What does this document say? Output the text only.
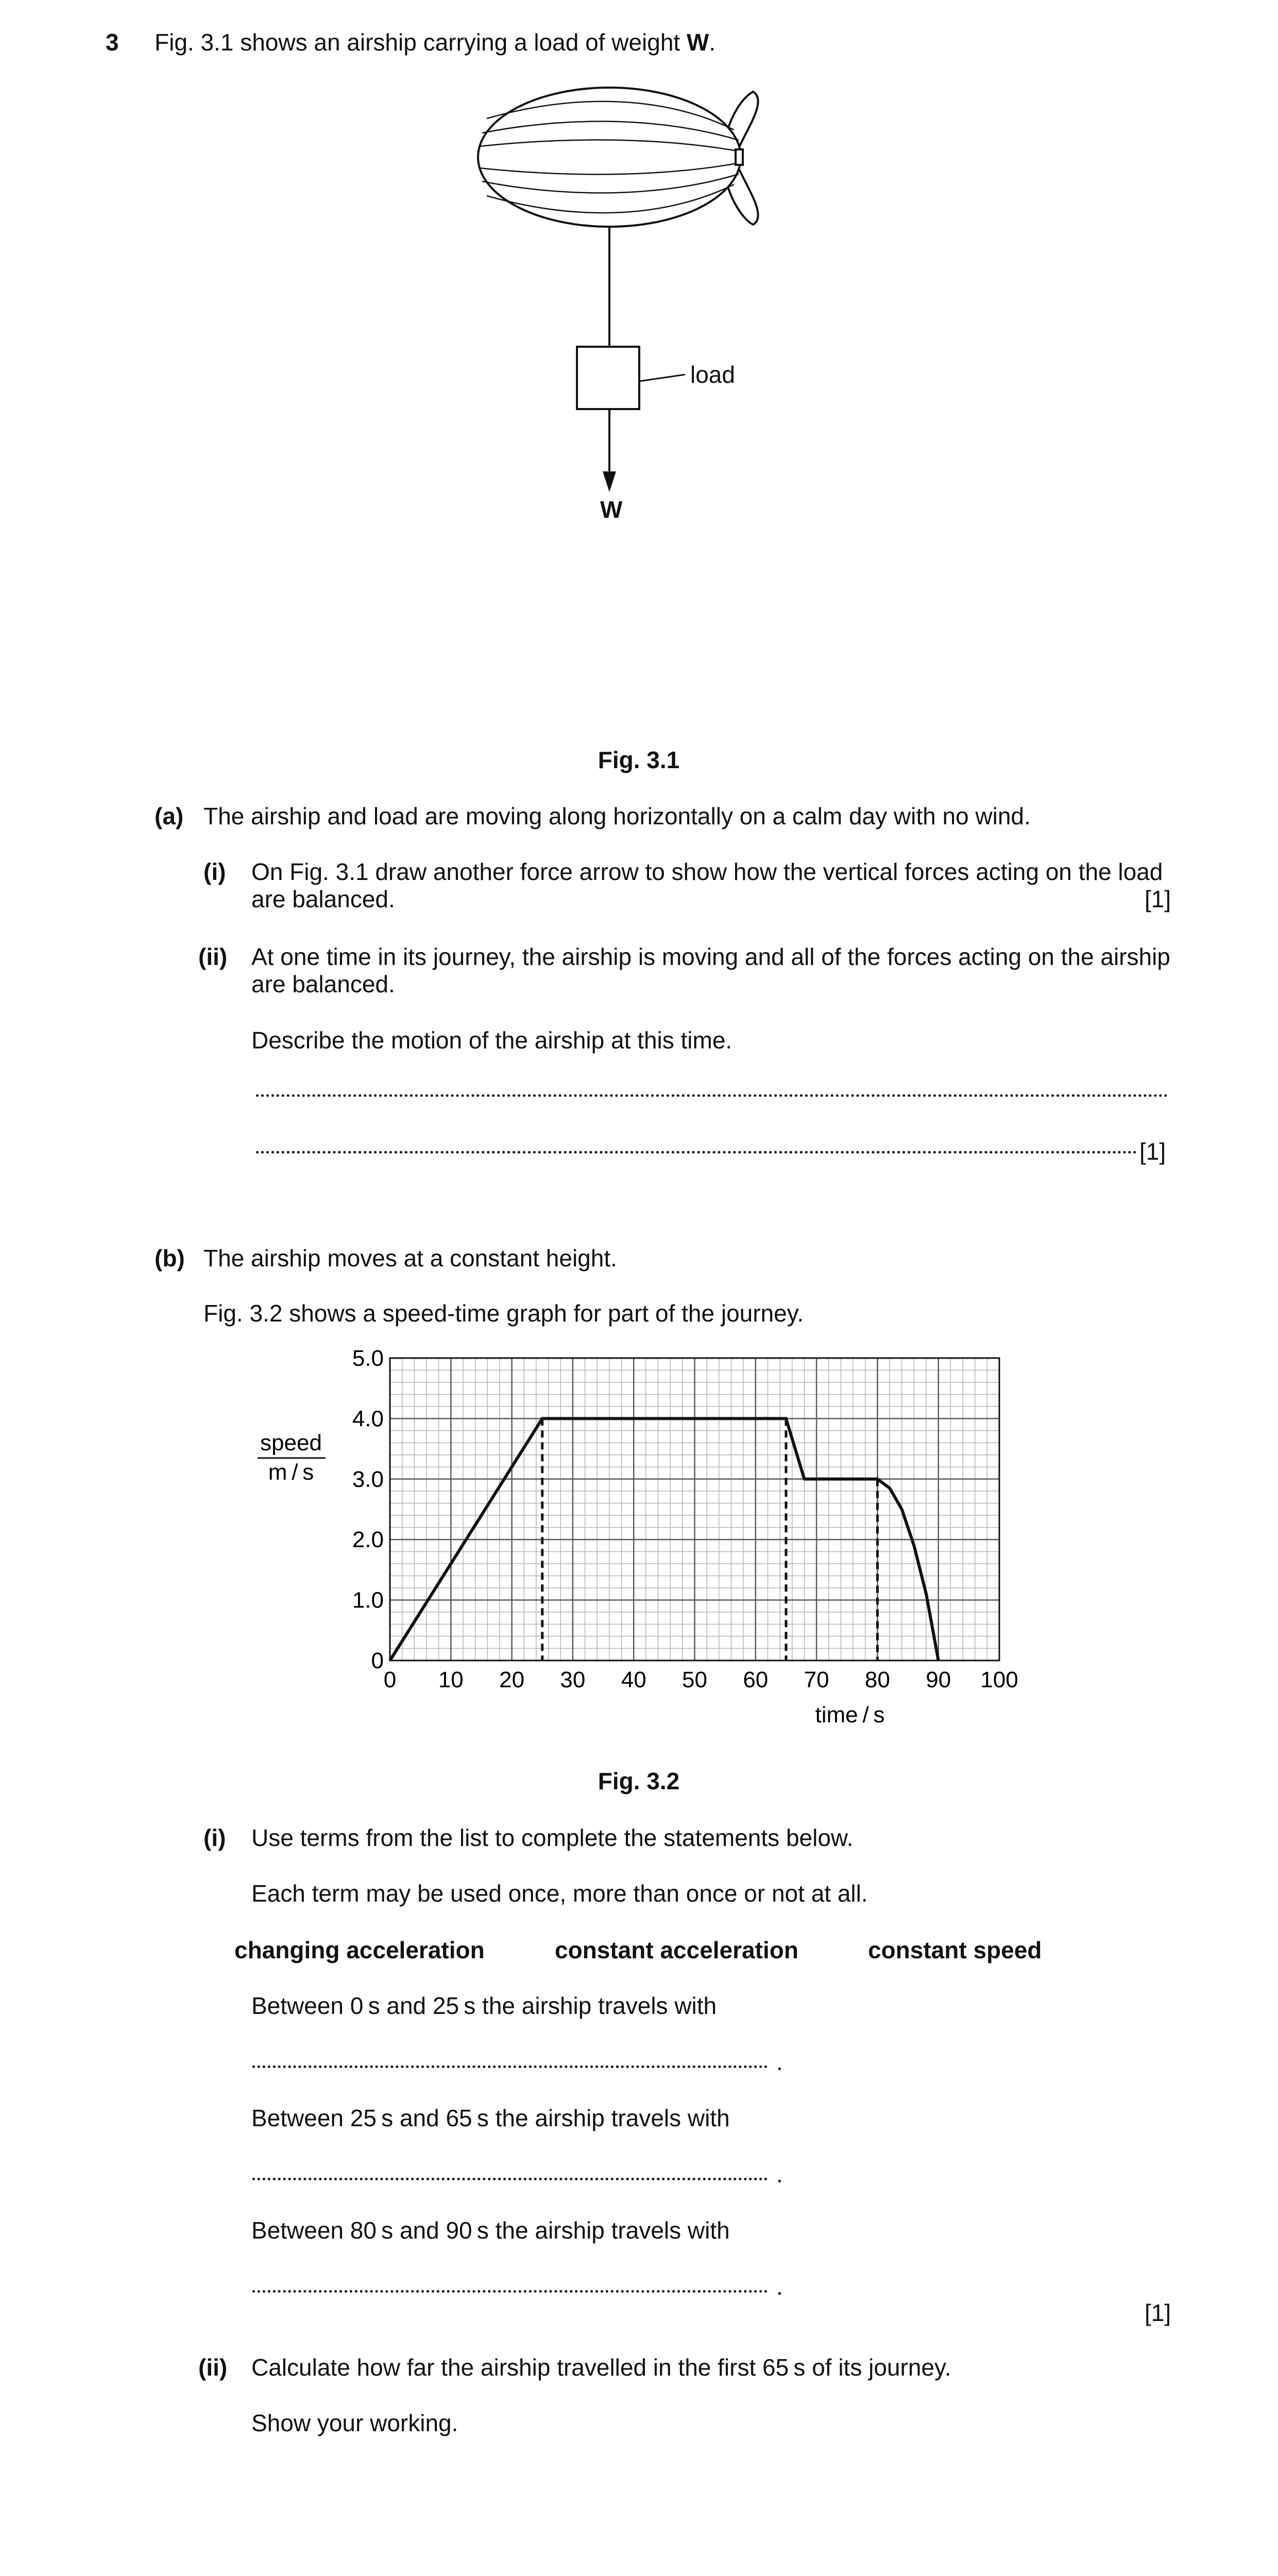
3 Fig. 3.1 shows an airship carrying a load of weight W.
load
W
Fig. 3.1
(a) The airship and load are moving along horizontally on a calm day with no wind.
(i) On Fig. 3.1 draw another force arrow to show how the vertical forces acting on the load
are balanced.	[1]
(ii) At one time in its journey, the airship is moving and all of the forces acting on the airship
are balanced.
Describe the motion of the airship at this time.
[1]
(b) The airship moves at a constant height.
Fig. 3.2 shows a speed-time graph for part of the journey.
0 10 20 30 40 50 60 70 80 90 100
0
1.0
2.0
3.0
4.0
5.0
speed
m / s
time / s
Fig. 3.2
(i) Use terms from the list to complete the statements below.
Each term may be used once, more than once or not at all.
changing acceleration	constant acceleration	constant speed
Between 0 s and 25 s the airship travels with
.
Between 25 s and 65 s the airship travels with
.
Between 80 s and 90 s the airship travels with
.
[1]
(ii) Calculate how far the airship travelled in the first 65 s of its journey.
Show your working.
